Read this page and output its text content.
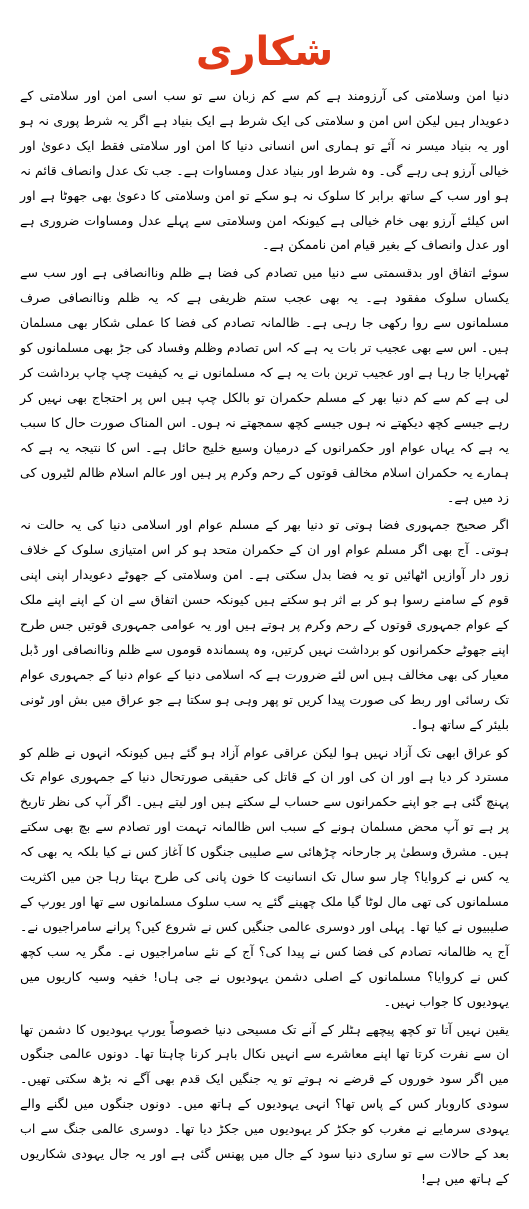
شکاری

دنیا امن وسلامتی کی آرزومند ہے کم سے کم زبان سے تو سب اسی امن اور سلامتی کے دعویدار ہیں لیکن اس امن و سلامتی کی ایک شرط ہے ایک بنیاد ہے اگر یہ شرط پوری نہ ہو اور یہ بنیاد میسر نہ آئے تو ہماری اس انسانی دنیا کا امن اور سلامتی فقط ایک دعویٰ اور خیالی آرزو ہی رہے گی۔ وہ شرط اور بنیاد عدل ومساوات ہے۔ جب تک عدل وانصاف قائم نہ ہو اور سب کے ساتھ برابر کا سلوک نہ ہو سکے تو امن وسلامتی کا دعویٰ بھی جھوٹا ہے اور اس کیلئے آرزو بھی خام خیالی ہے کیونکہ امن وسلامتی سے پہلے عدل ومساوات ضروری ہے اور عدل وانصاف کے بغیر قیام امن ناممکن ہے۔

سوئے اتفاق اور بدقسمتی سے دنیا میں تصادم کی فضا ہے ظلم وناانصافی ہے اور سب سے یکساں سلوک مفقود ہے۔ یہ بھی عجب ستم ظریفی ہے کہ یہ ظلم وناانصافی صرف مسلمانوں سے روا رکھی جا رہی ہے۔ ظالمانہ تصادم کی فضا کا عملی شکار بھی مسلمان ہیں۔ اس سے بھی عجیب تر بات یہ ہے کہ اس تصادم وظلم وفساد کی جڑ بھی مسلمانوں کو ٹھہرایا جا رہا ہے اور عجیب ترین بات یہ ہے کہ مسلمانوں نے یہ کیفیت چپ چاپ برداشت کر لی ہے کم سے کم دنیا بھر کے مسلم حکمران تو بالکل چپ ہیں اس پر احتجاج بھی نہیں کر رہے جیسے کچھ دیکھتے نہ ہوں جیسے کچھ سمجھتے نہ ہوں۔ اس المناک صورت حال کا سبب یہ ہے کہ یہاں عوام اور حکمرانوں کے درمیان وسیع خلیج حائل ہے۔ اس کا نتیجہ یہ ہے کہ ہمارے یہ حکمران اسلام مخالف قوتوں کے رحم وکرم پر ہیں اور عالم اسلام ظالم لٹیروں کی زد میں ہے۔

اگر صحیح جمہوری فضا ہوتی تو دنیا بھر کے مسلم عوام اور اسلامی دنیا کی یہ حالت نہ ہوتی۔ آج بھی اگر مسلم عوام اور ان کے حکمران متحد ہو کر اس امتیازی سلوک کے خلاف زور دار آوازیں اٹھائیں تو یہ فضا بدل سکتی ہے۔ امن وسلامتی کے جھوٹے دعویدار اپنی اپنی قوم کے سامنے رسوا ہو کر بے اثر ہو سکتے ہیں کیونکہ حسن اتفاق سے ان کے اپنے اپنے ملک کے عوام جمہوری قوتوں کے رحم وکرم پر ہوتے ہیں اور یہ عوامی جمہوری قوتیں جس طرح اپنے جھوٹے حکمرانوں کو برداشت نہیں کرتیں، وہ پسماندہ قوموں سے ظلم وناانصافی اور ڈبل معیار کی بھی مخالف ہیں اس لئے ضرورت ہے کہ اسلامی دنیا کے عوام دنیا کے جمہوری عوام تک رسائی اور ربط کی صورت پیدا کریں تو پھر وہی ہو سکتا ہے جو عراق میں بش اور ٹونی بلیئر کے ساتھ ہوا۔

کو عراق ابھی تک آزاد نہیں ہوا لیکن عراقی عوام آزاد ہو گئے ہیں کیونکہ انہوں نے ظلم کو مسترد کر دیا ہے اور ان کی اور ان کے قاتل کی حقیقی صورتحال دنیا کے جمہوری عوام تک پہنچ گئی ہے جو اپنے حکمرانوں سے حساب لے سکتے ہیں اور لیتے ہیں۔ اگر آپ کی نظر تاریخ پر ہے تو آپ محض مسلمان ہونے کے سبب اس ظالمانہ تہمت اور تصادم سے بچ بھی سکتے ہیں۔ مشرق وسطیٰ پر جارحانہ چڑھائی سے صلیبی جنگوں کا آغاز کس نے کیا بلکہ یہ بھی کہ یہ کس نے کروایا؟ چار سو سال تک انسانیت کا خون پانی کی طرح بہتا رہا جن میں اکثریت مسلمانوں کی تھی مال لوٹا گیا ملک چھینے گئے یہ سب سلوک مسلمانوں سے تھا اور یورپ کے صلیبیوں نے کیا تھا۔ پہلی اور دوسری عالمی جنگیں کس نے شروع کیں؟ پرانے سامراجیوں نے۔ آج یہ ظالمانہ تصادم کی فضا کس نے پیدا کی؟ آج کے نئے سامراجیوں نے۔ مگر یہ سب کچھ کس نے کروایا؟ مسلمانوں کے اصلی دشمن یہودیوں نے جی ہاں! خفیہ وسیہ کاریوں میں یہودیوں کا جواب نہیں۔

یقین نہیں آتا تو کچھ پیچھے ہٹلر کے آنے تک مسیحی دنیا خصوصاً یورپ یہودیوں کا دشمن تھا ان سے نفرت کرتا تھا اپنے معاشرے سے انہیں نکال باہر کرنا چاہتا تھا۔ دونوں عالمی جنگوں میں اگر سود خوروں کے قرضے نہ ہوتے تو یہ جنگیں ایک قدم بھی آگے نہ بڑھ سکتی تھیں۔ سودی کاروبار کس کے پاس تھا؟ انہی یہودیوں کے ہاتھ میں۔ دونوں جنگوں میں لگنے والے یہودی سرمایے نے مغرب کو جکڑ کر یہودیوں میں جکڑ دیا تھا۔ دوسری عالمی جنگ سے اب بعد کے حالات سے تو ساری دنیا سود کے جال میں پھنس گئی ہے اور یہ جال یہودی شکاریوں کے ہاتھ میں ہے!
